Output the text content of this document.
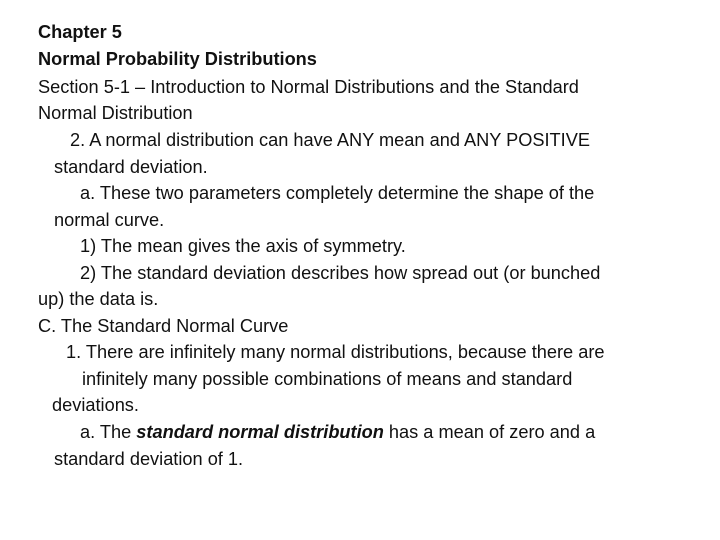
Chapter 5
Normal Probability Distributions
Section 5-1 – Introduction to Normal Distributions and the Standard
Normal Distribution
2. A normal distribution can have ANY mean and ANY POSITIVE
standard deviation.
a. These two parameters completely determine the shape of the
normal curve.
1) The mean gives the axis of symmetry.
2) The standard deviation describes how spread out (or bunched
up) the data is.
C. The Standard Normal Curve
1. There are infinitely many normal distributions, because there are
infinitely many possible combinations of means and standard
deviations.
a. The standard normal distribution has a mean of zero and a
standard deviation of 1.
